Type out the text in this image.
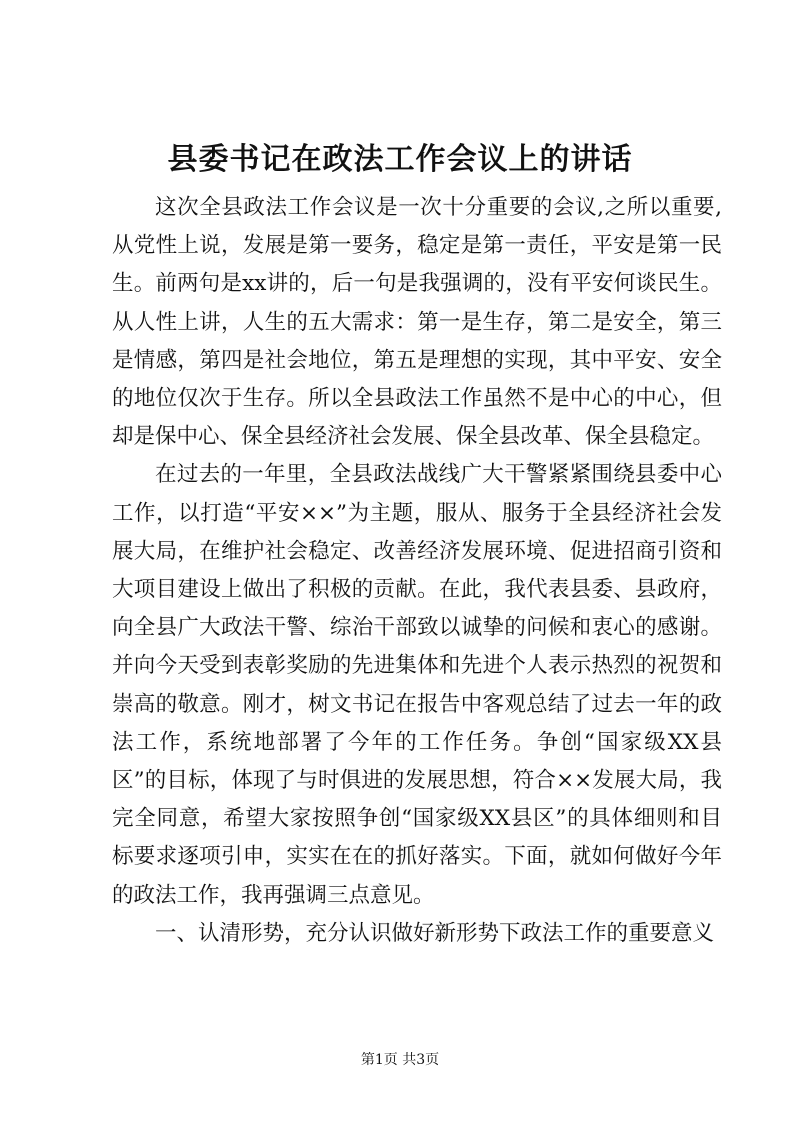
县委书记在政法工作会议上的讲话

这次全县政法工作会议是一次十分重要的会议,之所以重要,从党性上说，发展是第一要务，稳定是第一责任，平安是第一民生。前两句是xx讲的，后一句是我强调的，没有平安何谈民生。从人性上讲，人生的五大需求：第一是生存，第二是安全，第三是情感，第四是社会地位，第五是理想的实现，其中平安、安全的地位仅次于生存。所以全县政法工作虽然不是中心的中心，但却是保中心、保全县经济社会发展、保全县改革、保全县稳定。

在过去的一年里，全县政法战线广大干警紧紧围绕县委中心工作，以打造“平安××”为主题，服从、服务于全县经济社会发展大局，在维护社会稳定、改善经济发展环境、促进招商引资和大项目建设上做出了积极的贡献。在此，我代表县委、县政府，向全县广大政法干警、综治干部致以诚挚的问候和衷心的感谢。并向今天受到表彰奖励的先进集体和先进个人表示热烈的祝贺和崇高的敬意。刚才，树文书记在报告中客观总结了过去一年的政法工作，系统地部署了今年的工作任务。争创“国家级XX县区”的目标，体现了与时俱进的发展思想，符合××发展大局，我完全同意，希望大家按照争创“国家级XX县区”的具体细则和目标要求逐项引申，实实在在的抓好落实。下面，就如何做好今年的政法工作，我再强调三点意见。

一、认清形势，充分认识做好新形势下政法工作的重要意义

第1页 共3页
